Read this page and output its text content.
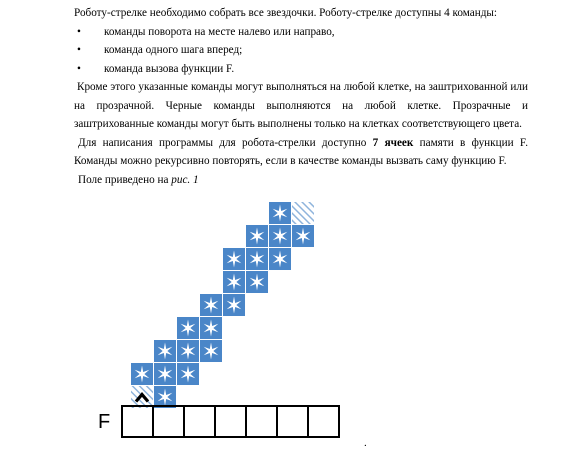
Роботу-стрелке необходимо собрать все звездочки. Роботу-стрелке доступны 4 команды:

• команды поворота на месте налево или направо,
• команда одного шага вперед;
• команда вызова функции F.

Кроме этого указанные команды могут выполняться на любой клетке, на заштрихованной или на прозрачной. Черные команды выполняются на любой клетке. Прозрачные и заштрихованные команды могут быть выполнены только на клетках соответствующего цвета.

Для написания программы для робота-стрелки доступно 7 ячеек памяти в функции F. Команды можно рекурсивно повторять, если в качестве команды вызвать саму функцию F.

Поле приведено на рис. 1

F
.
